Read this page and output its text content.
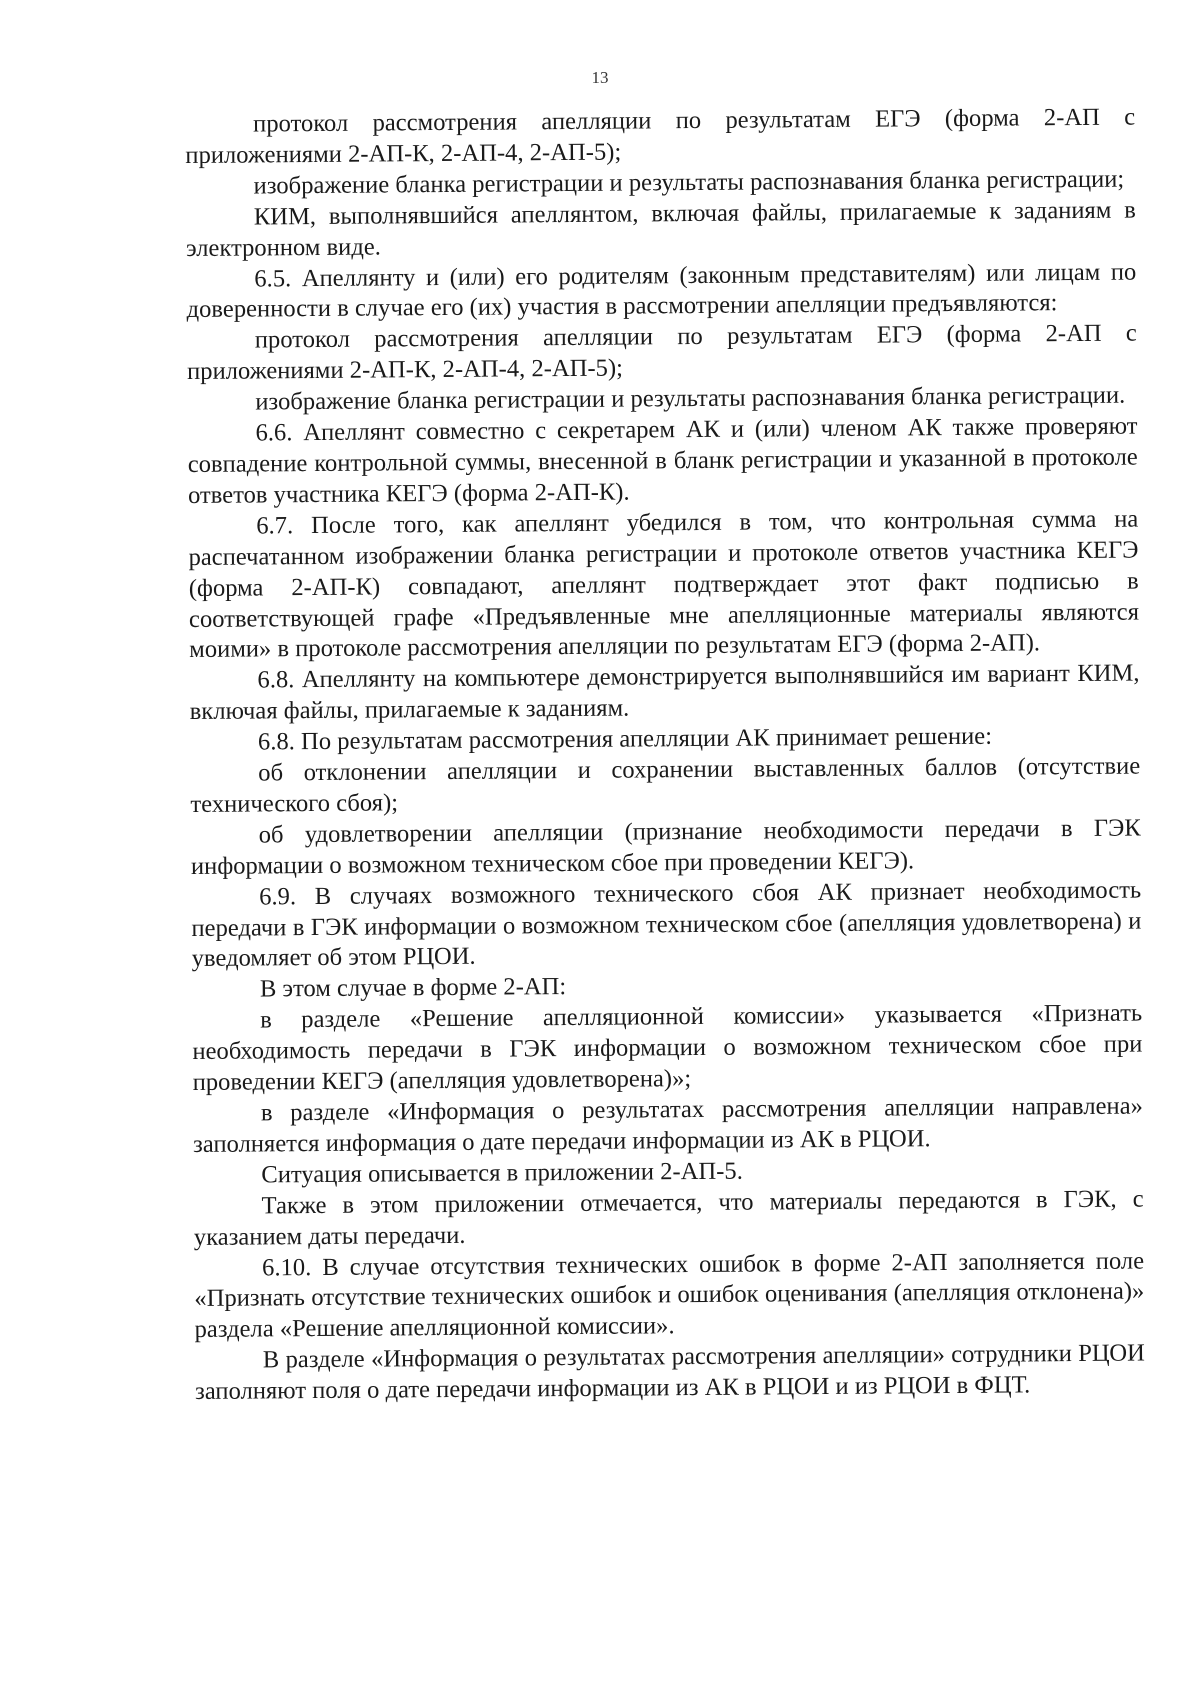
13

протокол рассмотрения апелляции по результатам ЕГЭ (форма 2-АП с приложениями 2-АП-К, 2-АП-4, 2-АП-5);

изображение бланка регистрации и результаты распознавания бланка регистрации;

КИМ, выполнявшийся апеллянтом, включая файлы, прилагаемые к заданиям в электронном виде.

6.5. Апеллянту и (или) его родителям (законным представителям) или лицам по доверенности в случае его (их) участия в рассмотрении апелляции предъявляются:

протокол рассмотрения апелляции по результатам ЕГЭ (форма 2-АП с приложениями 2-АП-К, 2-АП-4, 2-АП-5);

изображение бланка регистрации и результаты распознавания бланка регистрации.

6.6. Апеллянт совместно с секретарем АК и (или) членом АК также проверяют совпадение контрольной суммы, внесенной в бланк регистрации и указанной в протоколе ответов участника КЕГЭ (форма 2-АП-К).

6.7. После того, как апеллянт убедился в том, что контрольная сумма на распечатанном изображении бланка регистрации и протоколе ответов участника КЕГЭ (форма 2-АП-К) совпадают, апеллянт подтверждает этот факт подписью в соответствующей графе «Предъявленные мне апелляционные материалы являются моими» в протоколе рассмотрения апелляции по результатам ЕГЭ (форма 2-АП).

6.8. Апеллянту на компьютере демонстрируется выполнявшийся им вариант КИМ, включая файлы, прилагаемые к заданиям.

6.8. По результатам рассмотрения апелляции АК принимает решение:

об отклонении апелляции и сохранении выставленных баллов (отсутствие технического сбоя);

об удовлетворении апелляции (признание необходимости передачи в ГЭК информации о возможном техническом сбое при проведении КЕГЭ).

6.9. В случаях возможного технического сбоя АК признает необходимость передачи в ГЭК информации о возможном техническом сбое (апелляция удовлетворена) и уведомляет об этом РЦОИ.

В этом случае в форме 2-АП:

в разделе «Решение апелляционной комиссии» указывается «Признать необходимость передачи в ГЭК информации о возможном техническом сбое при проведении КЕГЭ (апелляция удовлетворена)»;

в разделе «Информация о результатах рассмотрения апелляции направлена» заполняется информация о дате передачи информации из АК в РЦОИ.

Ситуация описывается в приложении 2-АП-5.

Также в этом приложении отмечается, что материалы передаются в ГЭК, с указанием даты передачи.

6.10. В случае отсутствия технических ошибок в форме 2-АП заполняется поле «Признать отсутствие технических ошибок и ошибок оценивания (апелляция отклонена)» раздела «Решение апелляционной комиссии».

В разделе «Информация о результатах рассмотрения апелляции» сотрудники РЦОИ заполняют поля о дате передачи информации из АК в РЦОИ и из РЦОИ в ФЦТ.
